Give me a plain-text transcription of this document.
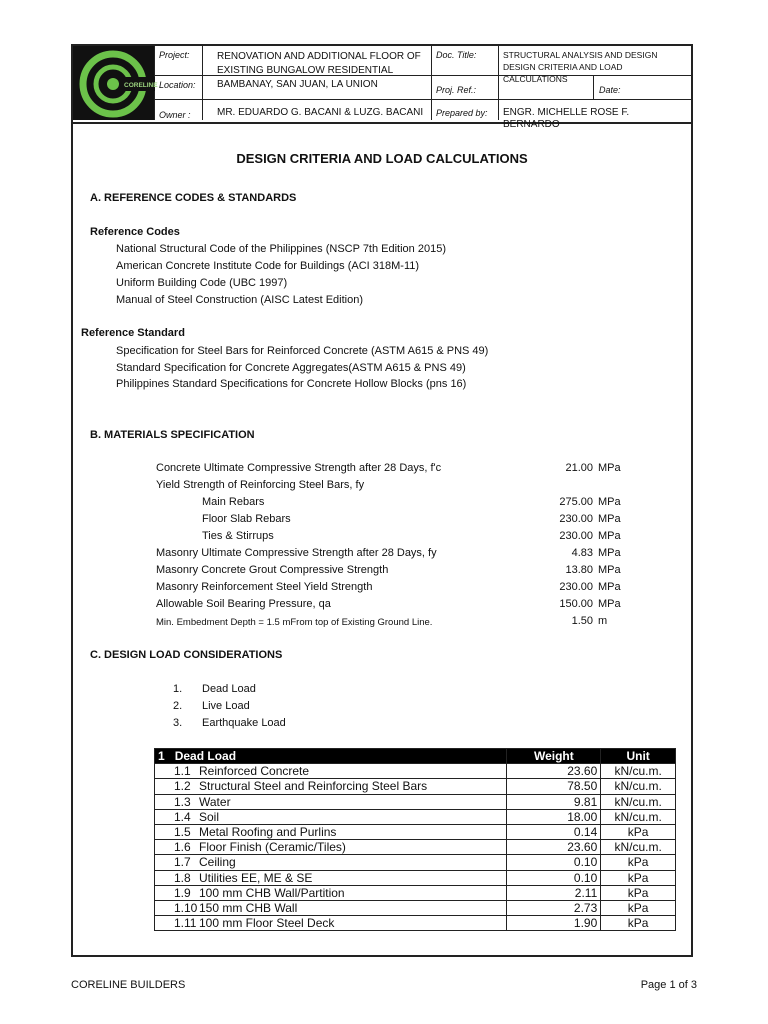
CORELINE
Project:	RENOVATION AND ADDITIONAL FLOOR OF EXISTING BUNGALOW RESIDENTIAL
Location:	BAMBANAY, SAN JUAN, LA UNION
Owner :	MR. EDUARDO G. BACANI & LUZG. BACANI
Doc. Title:	STRUCTURAL ANALYSIS AND DESIGN
DESIGN CRITERIA AND LOAD CALCULATIONS
Proj. Ref.:	Date:
Prepared by:	ENGR. MICHELLE ROSE F. BERNARDO
DESIGN CRITERIA AND LOAD CALCULATIONS
A. REFERENCE CODES & STANDARDS
Reference Codes
National Structural Code of the Philippines (NSCP 7th Edition 2015)
American Concrete Institute Code for Buildings (ACI 318M-11)
Uniform Building Code (UBC 1997)
Manual of Steel Construction (AISC Latest Edition)
Reference Standard
Specification for Steel Bars for Reinforced Concrete (ASTM A615 & PNS 49)
Standard Specification for Concrete Aggregates(ASTM A615 & PNS 49)
Philippines Standard Specifications for Concrete Hollow Blocks (pns 16)
B. MATERIALS SPECIFICATION
Concrete Ultimate Compressive Strength after 28 Days, f'c	21.00 MPa
Yield Strength of Reinforcing Steel Bars, fy
Main Rebars	275.00 MPa
Floor Slab Rebars	230.00 MPa
Ties & Stirrups	230.00 MPa
Masonry Ultimate Compressive Strength after 28 Days, fy	4.83 MPa
Masonry Concrete Grout Compressive Strength	13.80 MPa
Masonry Reinforcement Steel Yield Strength	230.00 MPa
Allowable Soil Bearing Pressure, qa	150.00 MPa
Min. Embedment Depth = 1.5 mFrom top of Existing Ground Line.	1.50 m
C. DESIGN LOAD CONSIDERATIONS
1. Dead Load
2. Live Load
3. Earthquake Load
1 Dead Load	Weight	Unit
1.1 Reinforced Concrete	23.60	kN/cu.m.
1.2 Structural Steel and Reinforcing Steel Bars	78.50	kN/cu.m.
1.3 Water	9.81	kN/cu.m.
1.4 Soil	18.00	kN/cu.m.
1.5 Metal Roofing and Purlins	0.14	kPa
1.6 Floor Finish (Ceramic/Tiles)	23.60	kN/cu.m.
1.7 Ceiling	0.10	kPa
1.8 Utilities EE, ME & SE	0.10	kPa
1.9 100 mm CHB Wall/Partition	2.11	kPa
1.10 150 mm CHB Wall	2.73	kPa
1.11 100 mm Floor Steel Deck	1.90	kPa
CORELINE BUILDERS	Page 1 of 3
